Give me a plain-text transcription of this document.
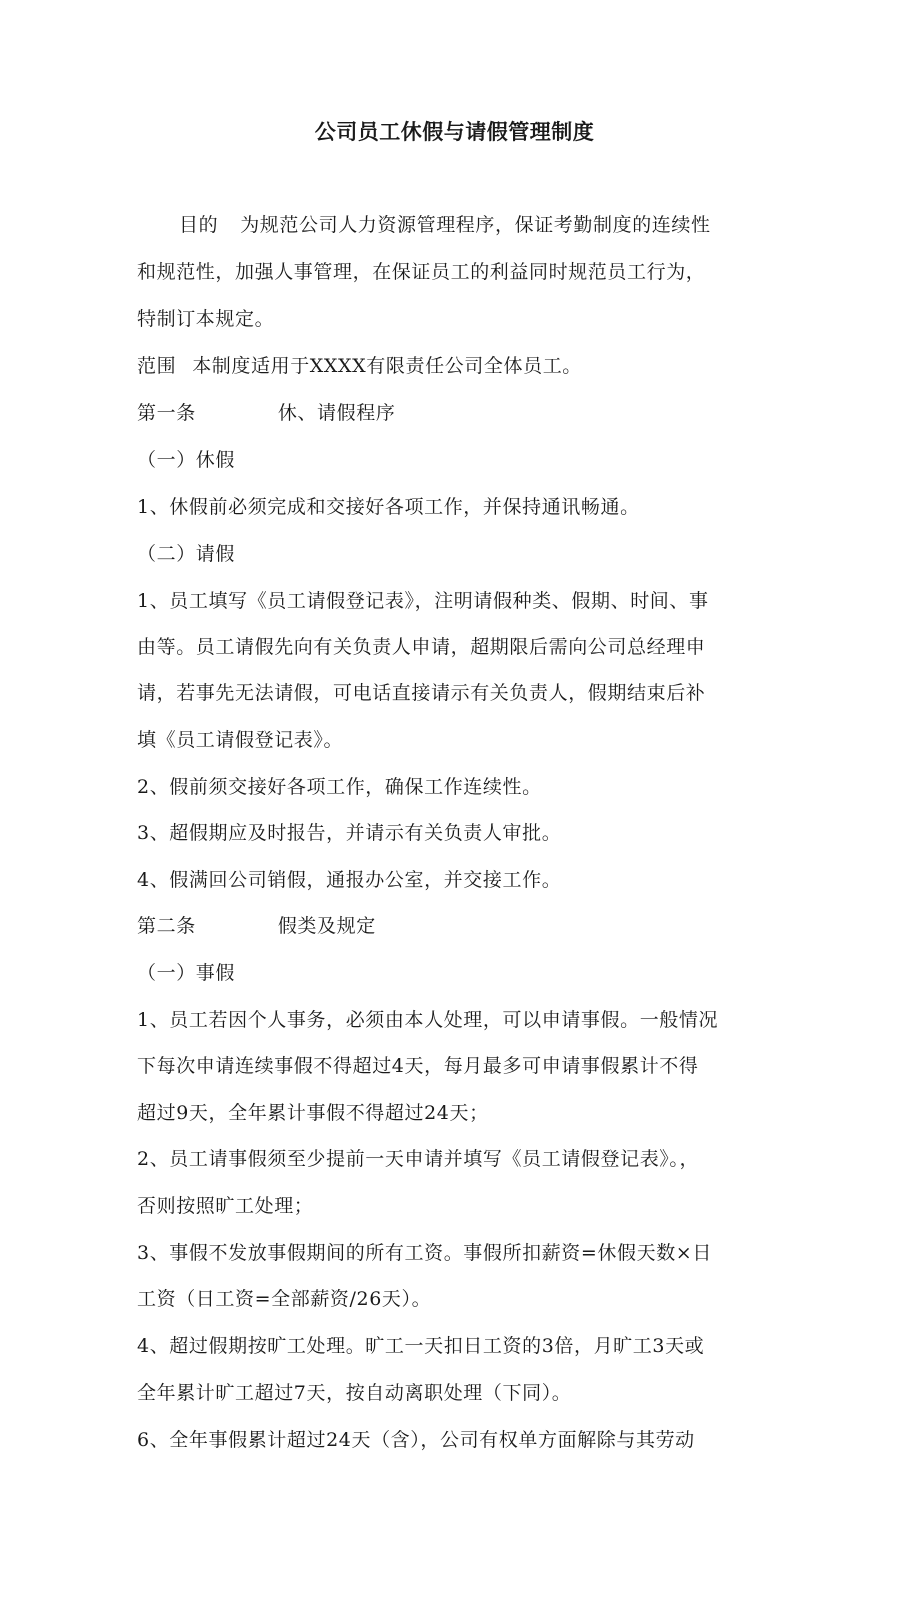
公司员工休假与请假管理制度
目的 为规范公司人力资源管理程序，保证考勤制度的连续性
和规范性，加强人事管理，在保证员工的利益同时规范员工行为，
特制订本规定。
范围 本制度适用于XXXX有限责任公司全体员工。
第一条	休、请假程序
（一）休假
1、休假前必须完成和交接好各项工作，并保持通讯畅通。
（二）请假
1、员工填写《员工请假登记表》，注明请假种类、假期、时间、事
由等。员工请假先向有关负责人申请，超期限后需向公司总经理申
请，若事先无法请假，可电话直接请示有关负责人，假期结束后补
填《员工请假登记表》。
2、假前须交接好各项工作，确保工作连续性。
3、超假期应及时报告，并请示有关负责人审批。
4、假满回公司销假，通报办公室，并交接工作。
第二条	假类及规定
（一）事假
1、员工若因个人事务，必须由本人处理，可以申请事假。一般情况
下每次申请连续事假不得超过4天，每月最多可申请事假累计不得
超过9天，全年累计事假不得超过24天；
2、员工请事假须至少提前一天申请并填写《员工请假登记表》。，
否则按照旷工处理；
3、事假不发放事假期间的所有工资。事假所扣薪资=休假天数×日
工资（日工资=全部薪资/26天）。
4、超过假期按旷工处理。旷工一天扣日工资的3倍，月旷工3天或
全年累计旷工超过7天，按自动离职处理（下同）。
6、全年事假累计超过24天（含），公司有权单方面解除与其劳动
